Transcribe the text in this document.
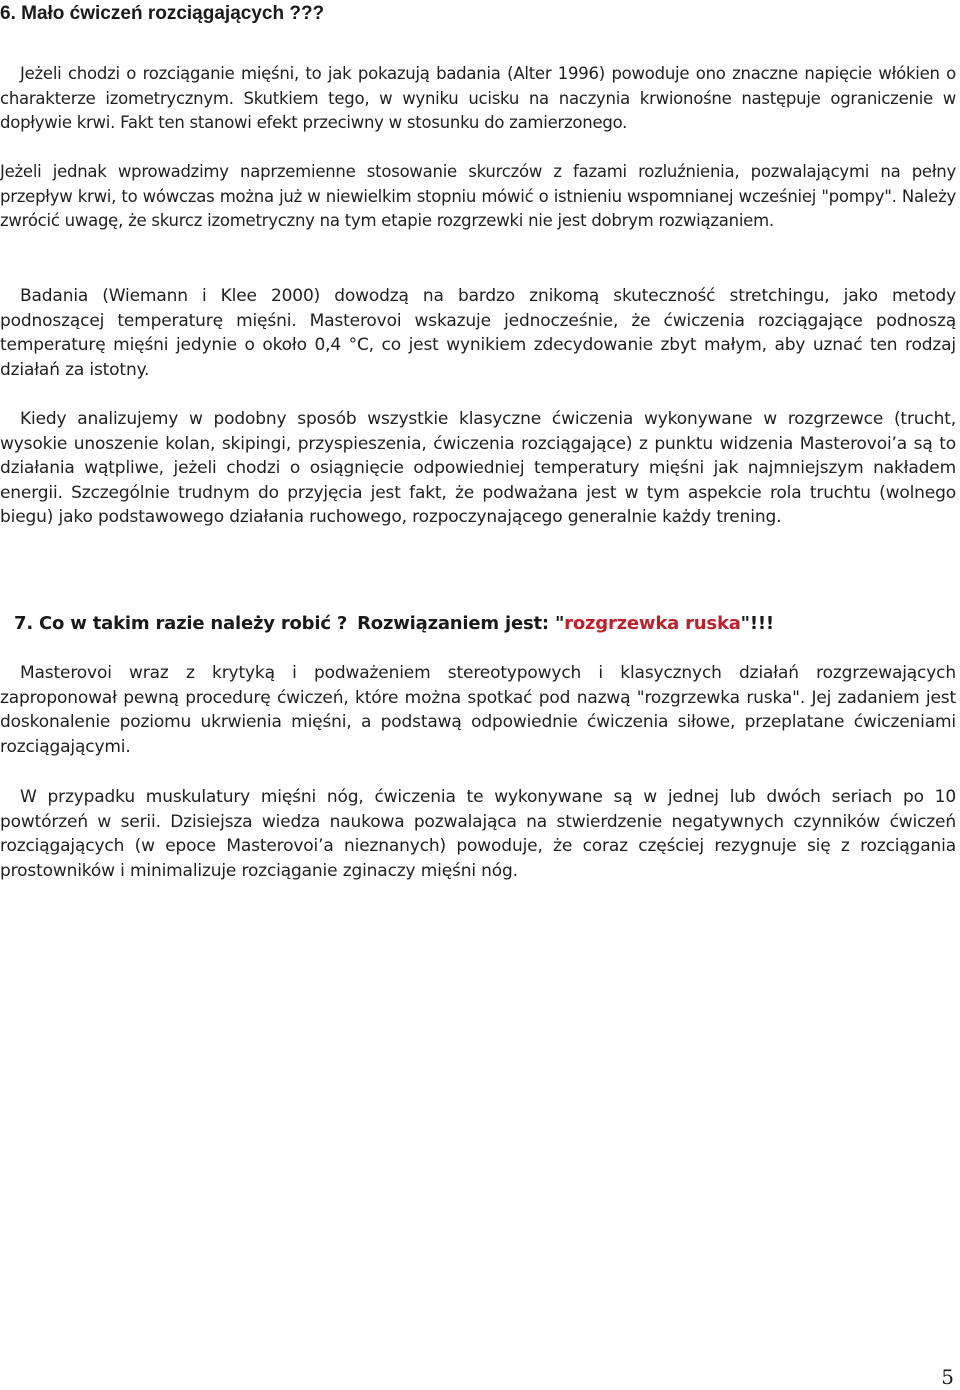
6. Mało ćwiczeń rozciągających ???

Jeżeli chodzi o rozciąganie mięśni, to jak pokazują badania (Alter 1996) powoduje ono znaczne napięcie włókien o charakterze izometrycznym. Skutkiem tego, w wyniku ucisku na naczynia krwionośne następuje ograniczenie w dopływie krwi. Fakt ten stanowi efekt przeciwny w stosunku do zamierzonego.

Jeżeli jednak wprowadzimy naprzemienne stosowanie skurczów z fazami rozluźnienia, pozwalającymi na pełny przepływ krwi, to wówczas można już w niewielkim stopniu mówić o istnieniu wspomnianej wcześniej "pompy". Należy zwrócić uwagę, że skurcz izometryczny na tym etapie rozgrzewki nie jest dobrym rozwiązaniem.

Badania (Wiemann i Klee 2000) dowodzą na bardzo znikomą skuteczność stretchingu, jako metody podnoszącej temperaturę mięśni. Masterovoi wskazuje jednocześnie, że ćwiczenia rozciągające podnoszą temperaturę mięśni jedynie o około 0,4 °C, co jest wynikiem zdecydowanie zbyt małym, aby uznać ten rodzaj działań za istotny.

Kiedy analizujemy w podobny sposób wszystkie klasyczne ćwiczenia wykonywane w rozgrzewce (trucht, wysokie unoszenie kolan, skipingi, przyspieszenia, ćwiczenia rozciągające) z punktu widzenia Masterovoi’a są to działania wątpliwe, jeżeli chodzi o osiągnięcie odpowiedniej temperatury mięśni jak najmniejszym nakładem energii. Szczególnie trudnym do przyjęcia jest fakt, że podważana jest w tym aspekcie rola truchtu (wolnego biegu) jako podstawowego działania ruchowego, rozpoczynającego generalnie każdy trening.

7. Co w takim razie należy robić ? Rozwiązaniem jest: "rozgrzewka ruska"!!!

Masterovoi wraz z krytyką i podważeniem stereotypowych i klasycznych działań rozgrzewających zaproponował pewną procedurę ćwiczeń, które można spotkać pod nazwą "rozgrzewka ruska". Jej zadaniem jest doskonalenie poziomu ukrwienia mięśni, a podstawą odpowiednie ćwiczenia siłowe, przeplatane ćwiczeniami rozciągającymi.

W przypadku muskulatury mięśni nóg, ćwiczenia te wykonywane są w jednej lub dwóch seriach po 10 powtórzeń w serii. Dzisiejsza wiedza naukowa pozwalająca na stwierdzenie negatywnych czynników ćwiczeń rozciągających (w epoce Masterovoi’a nieznanych) powoduje, że coraz częściej rezygnuje się z rozciągania prostowników i minimalizuje rozciąganie zginaczy mięśni nóg.

5
